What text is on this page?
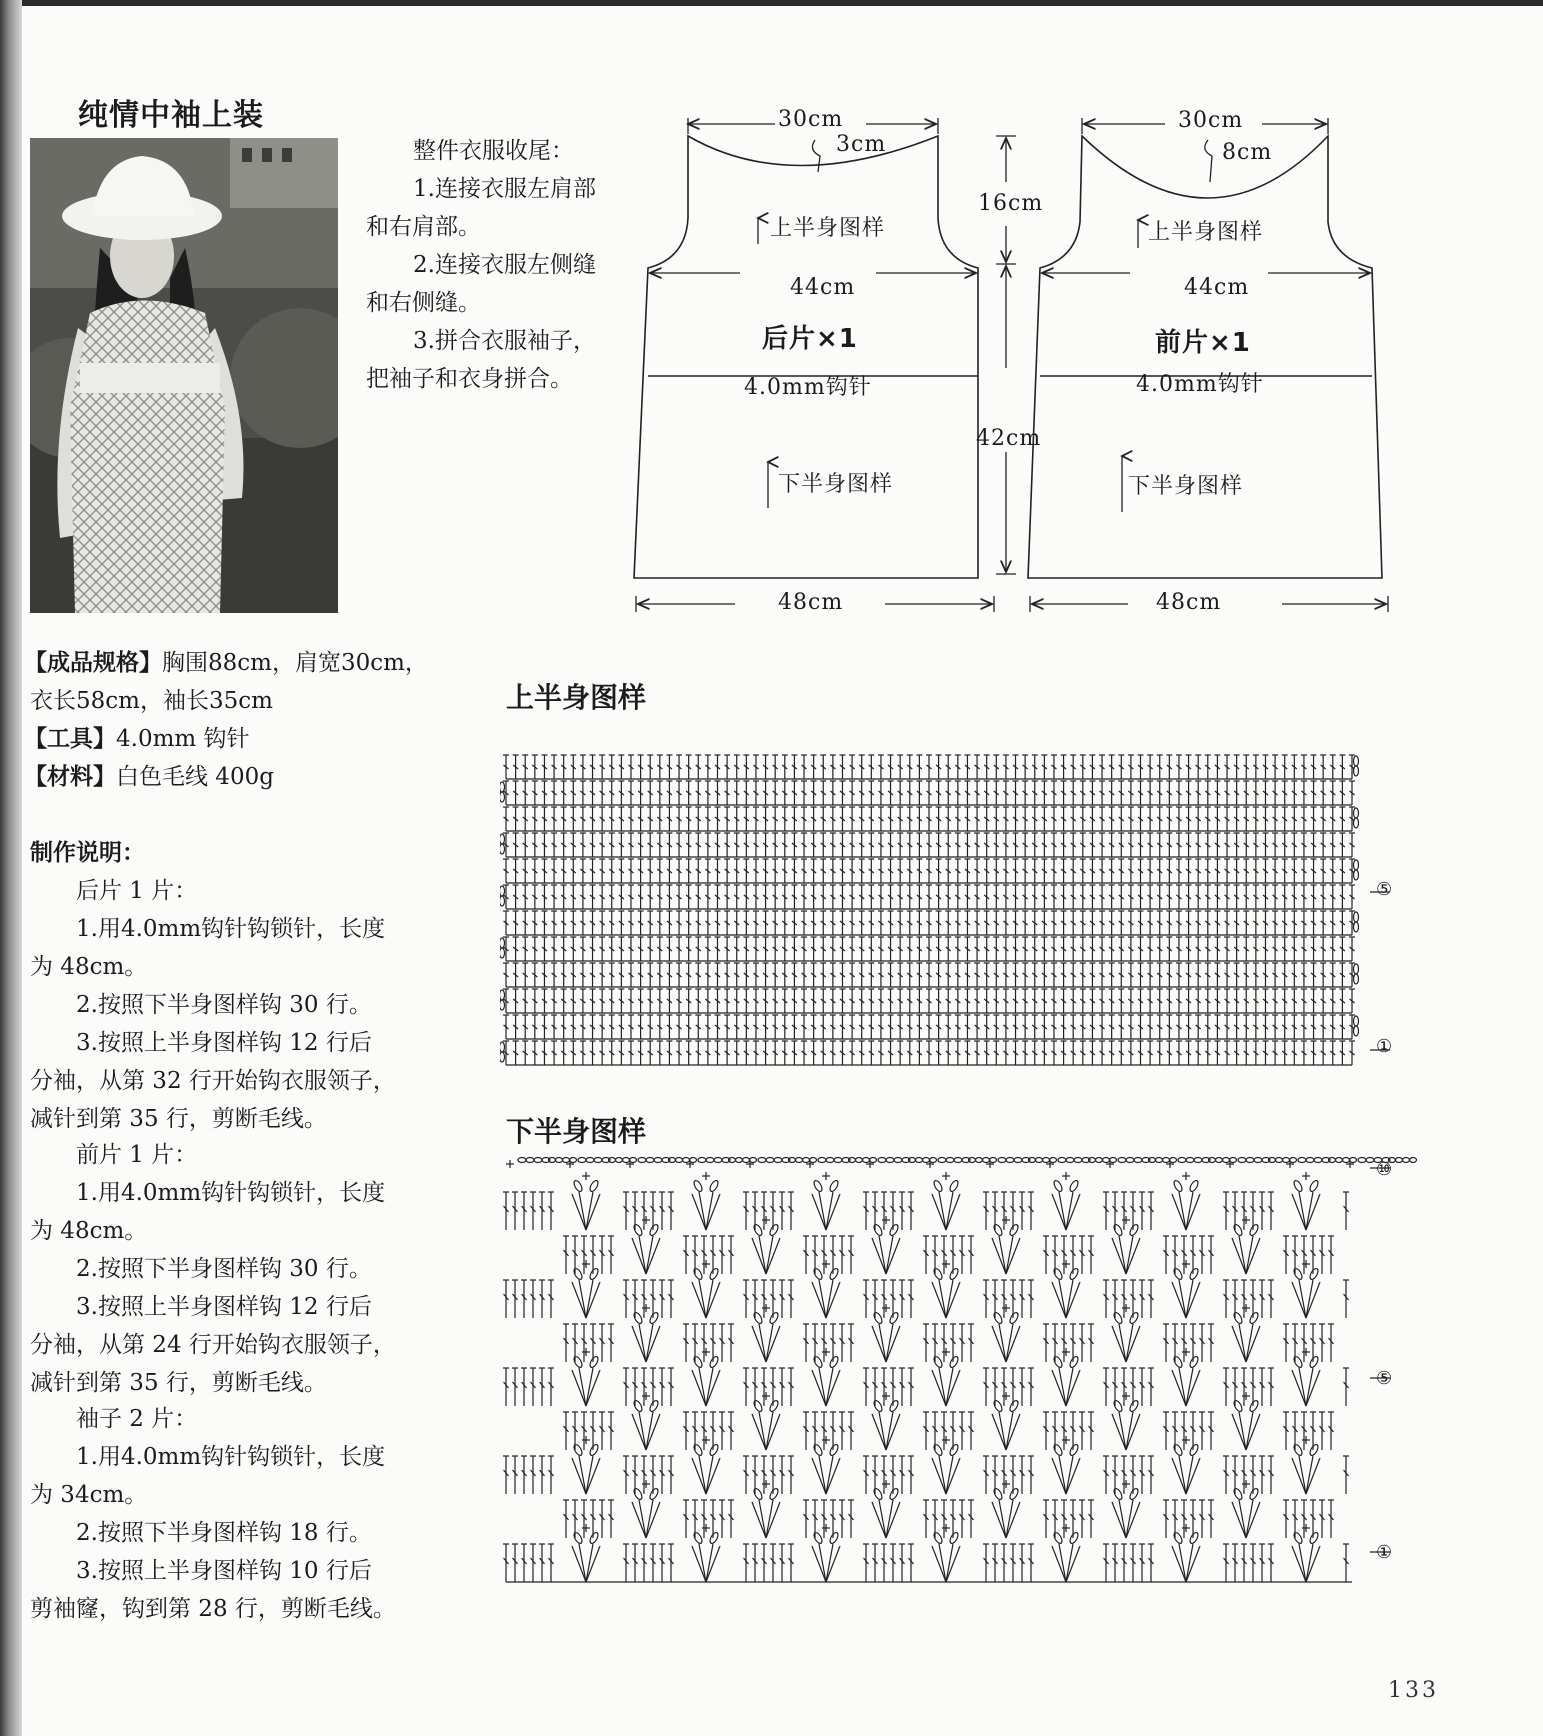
纯情中袖上装
整件衣服收尾：
1.连接衣服左肩部
和右肩部。
2.连接衣服左侧缝
和右侧缝。
3.拼合衣服袖子，
把袖子和衣身拼合。
【成品规格】胸围88cm，肩宽30cm，
衣长58cm，袖长35cm
【工具】4.0mm 钩针
【材料】白色毛线 400g
制作说明：
后片 1 片：
1.用4.0mm钩针钩锁针，长度
为 48cm。
2.按照下半身图样钩 30 行。
3.按照上半身图样钩 12 行后
分袖，从第 32 行开始钩衣服领子，
减针到第 35 行，剪断毛线。
前片 1 片：
1.用4.0mm钩针钩锁针，长度
为 48cm。
2.按照下半身图样钩 30 行。
3.按照上半身图样钩 12 行后
分袖，从第 24 行开始钩衣服领子，
减针到第 35 行，剪断毛线。
袖子 2 片：
1.用4.0mm钩针钩锁针，长度
为 34cm。
2.按照下半身图样钩 18 行。
3.按照上半身图样钩 10 行后
剪袖窿，钩到第 28 行，剪断毛线。
30cm
3cm
上半身图样
44cm
后片×1
4.0mm钩针
下半身图样
48cm
30cm
8cm
上半身图样
44cm
前片×1
4.0mm钩针
下半身图样
48cm
16cm
42cm
上半身图样
⑤
①
下半身图样
⑩
⑤
①
133
